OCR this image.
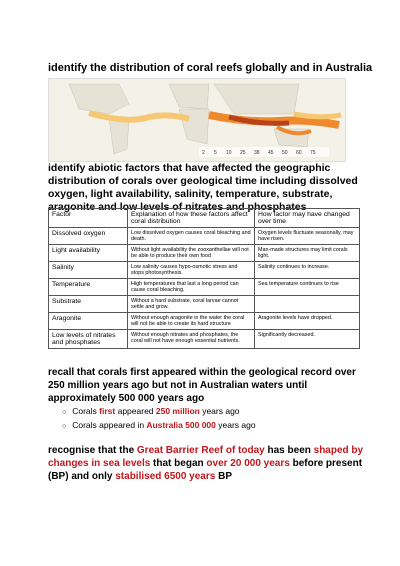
identify the distribution of coral reefs globally and in Australia
2 5 10 25 38 45 50 60 75
identify abiotic factors that have affected the geographic distribution of corals over geological time including dissolved oxygen, light availability, salinity, temperature, substrate, aragonite and low levels of nitrates and phosphates
Factor	Explanation of how these factors affect coral distribution	How factor may have changed over time
Dissolved oxygen	Low dissolved oxygen causes coral bleaching and death.	Oxygen levels fluctuate seasonally, may have risen.
Light availability	Without light availability the zooxanthellae will not be able to produce their own food	Man-made structures may limit corals light.
Salinity	Low salinity causes hypo-osmotic stress and stops photosynthesis.	Salinity continues to increase.
Temperature	High temperatures that last a long period can cause coral bleaching.	Sea temperature continues to rise
Substrate	Without a hard substrate, coral larvae cannot settle and grow.	
Aragonite	Without enough aragonite in the water the coral will not be able to create its hard structure	Aragonite levels have dropped.
Low levels of nitrates and phosphates	Without enough nitrates and phosphates, the coral will not have enough essential nutrients.	Significantly decreased.
recall that corals first appeared within the geological record over 250 million years ago but not in Australian waters until approximately 500 000 years ago
○ Corals first appeared 250 million years ago
○ Corals appeared in Australia 500 000 years ago
recognise that the Great Barrier Reef of today has been shaped by changes in sea levels that began over 20 000 years before present (BP) and only stabilised 6500 years BP
